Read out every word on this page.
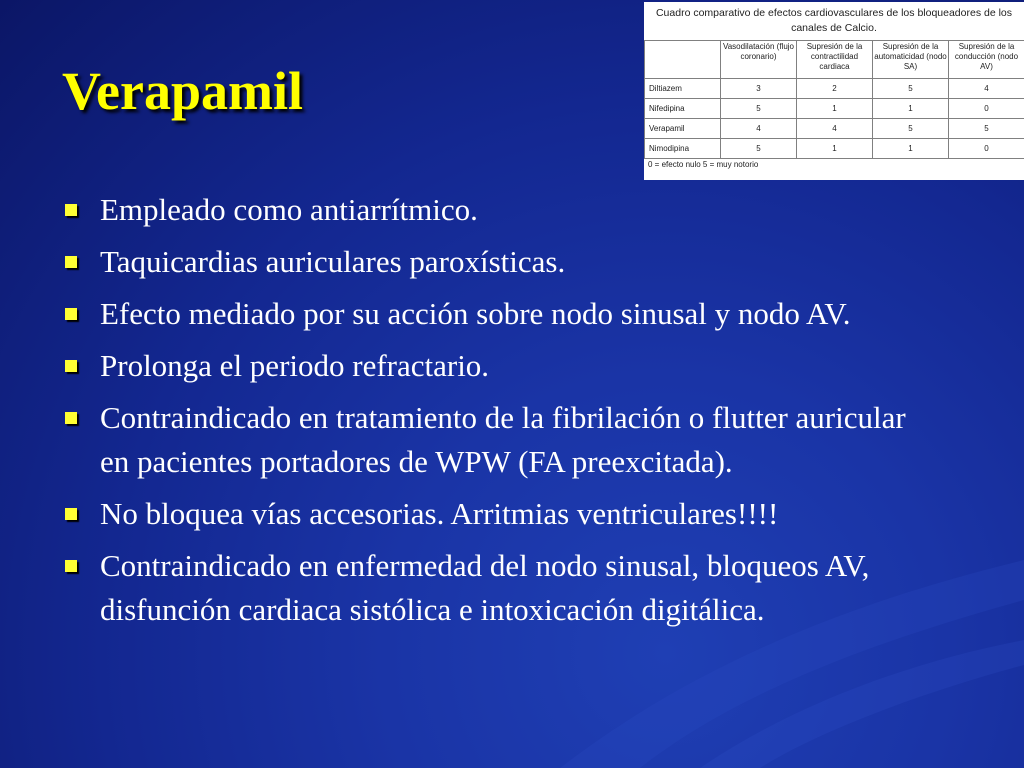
Verapamil
Empleado como antiarrítmico.
Taquicardias auriculares paroxísticas.
Efecto mediado por su acción sobre nodo sinusal y nodo AV.
Prolonga el periodo refractario.
Contraindicado en tratamiento de la fibrilación o flutter auricular en pacientes portadores de WPW (FA preexcitada).
No bloquea vías accesorias. Arritmias ventriculares!!!!
Contraindicado en enfermedad del nodo sinusal, bloqueos AV, disfunción cardiaca sistólica e intoxicación digitálica.
Cuadro comparativo de efectos cardiovasculares de los bloqueadores de los canales de Calcio.
	Vasodilatación (flujo coronario)	Supresión de la contractilidad cardiaca	Supresión de la automaticidad (nodo SA)	Supresión de la conducción (nodo AV)
Diltiazem	3	2	5	4
Nifedipina	5	1	1	0
Verapamil	4	4	5	5
Nimodipina	5	1	1	0
0 = efecto nulo 5 = muy notorio
